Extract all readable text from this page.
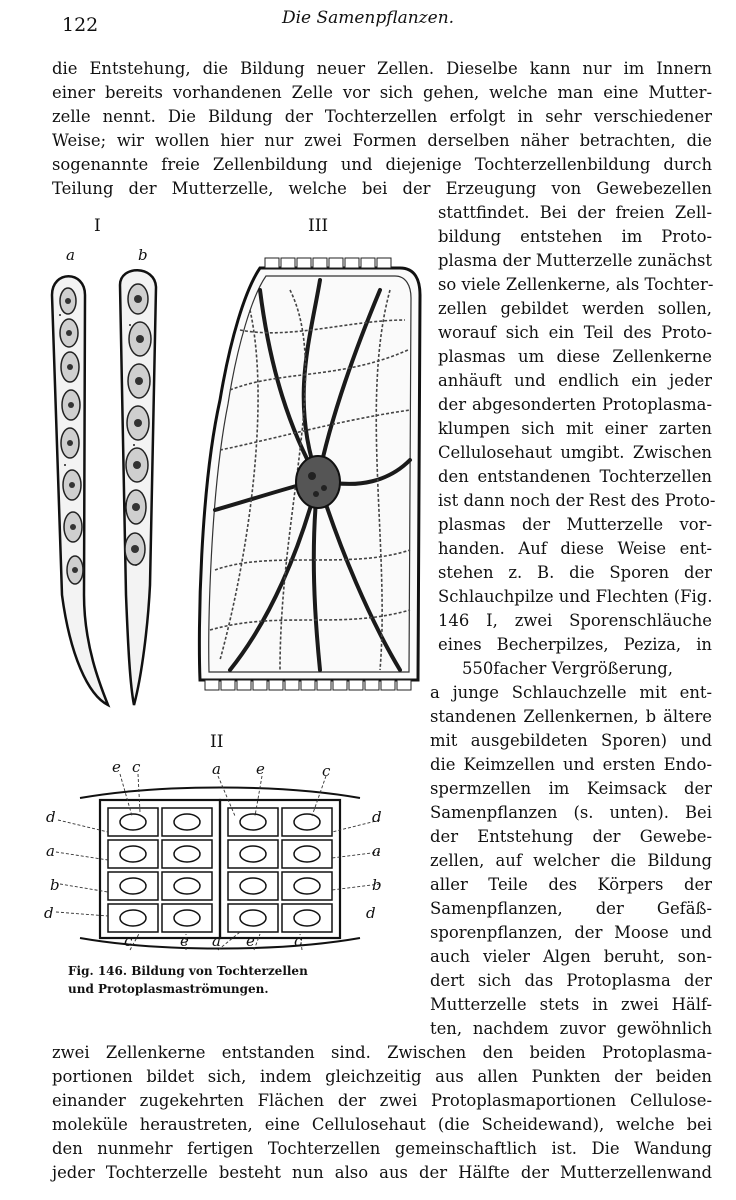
122	Die Samenpflanzen.
die Entstehung, die Bildung neuer Zellen. Dieselbe kann nur im Innern
einer bereits vorhandenen Zelle vor sich gehen, welche man eine Mutter-
zelle nennt. Die Bildung der Tochterzellen erfolgt in sehr verschiedener
Weise; wir wollen hier nur zwei Formen derselben näher betrachten, die
sogenannte freie Zellenbildung und diejenige Tochterzellenbildung durch
Teilung der Mutterzelle, welche bei der Erzeugung von Gewebezellen
stattfindet. Bei der freien Zell-
bildung entstehen im Proto-
plasma der Mutterzelle zunächst
so viele Zellenkerne, als Tochter-
zellen gebildet werden sollen,
worauf sich ein Teil des Proto-
plasmas um diese Zellenkerne
anhäuft und endlich ein jeder
der abgesonderten Protoplasma-
klumpen sich mit einer zarten
Cellulosehaut umgibt. Zwischen
den entstandenen Tochterzellen
ist dann noch der Rest des Proto-
plasmas der Mutterzelle vor-
handen. Auf diese Weise ent-
stehen z. B. die Sporen der
Schlauchpilze und Flechten (Fig.
146 I, zwei Sporenschläuche
eines Becherpilzes, Peziza, in
550facher Vergrößerung,
a junge Schlauchzelle mit ent-
standenen Zellenkernen, b ältere
mit ausgebildeten Sporen) und
die Keimzellen und ersten Endo-
spermzellen im Keimsack der
Samenpflanzen (s. unten). Bei
der Entstehung der Gewebe-
zellen, auf welcher die Bildung
aller Teile des Körpers der
Samenpflanzen, der Gefäß-
sporenpflanzen, der Moose und
auch vieler Algen beruht, son-
dert sich das Protoplasma der
Mutterzelle stets in zwei Hälf-
ten, nachdem zuvor gewöhnlich
zwei Zellenkerne entstanden sind. Zwischen den beiden Protoplasma-
portionen bildet sich, indem gleichzeitig aus allen Punkten der beiden
einander zugekehrten Flächen der zwei Protoplasmaportionen Cellulose-
moleküle heraustreten, eine Cellulosehaut (die Scheidewand), welche bei
den nunmehr fertigen Tochterzellen gemeinschaftlich ist. Die Wandung
jeder Tochterzelle besteht nun also aus der Hälfte der Mutterzellenwand
I	III
II
a	b
e c	a e	c
d
a
b
d
d
a
b
d
c	e a e	c
Fig. 146. Bildung von Tochterzellen
und Protoplasmaströmungen.
